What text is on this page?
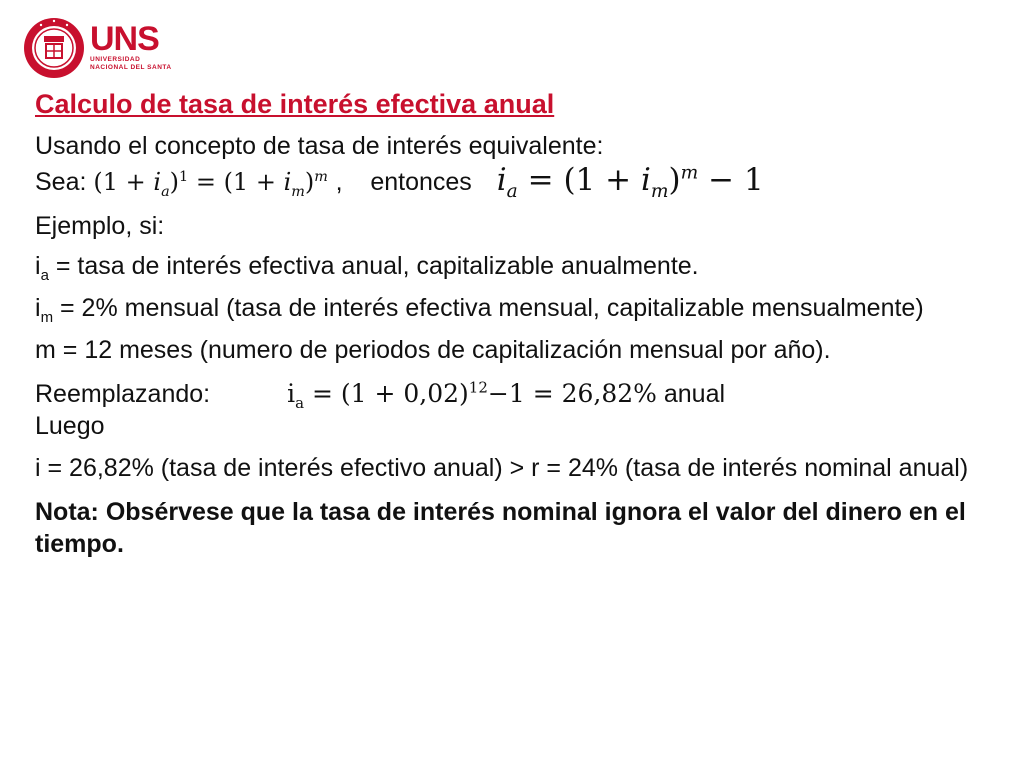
UNS
UNIVERSIDAD
NACIONAL DEL SANTA
Calculo de tasa de interés efectiva anual

Usando el concepto de tasa de interés equivalente:

Sea: $(1 + i_a)^1 = (1 + i_m)^m$ ,    entonces $i_a = (1 + i_m)^m - 1$

Ejemplo, si:

$i_a$ = tasa de interés efectiva anual, capitalizable anualmente.

$i_m = 2\%$ mensual (tasa de interés efectiva mensual, capitalizable mensualmente)

m = 12 meses (numero de periodos de capitalización mensual por año).

Reemplazando:	$i_a = (1 + 0,02)^{12}-1 = 26,82\%$ anual

Luego

i = 26,82% (tasa de interés efectivo anual) > r = 24% (tasa de interés nominal anual)

Nota: Obsérvese que la tasa de interés nominal ignora el valor del dinero en el tiempo.
